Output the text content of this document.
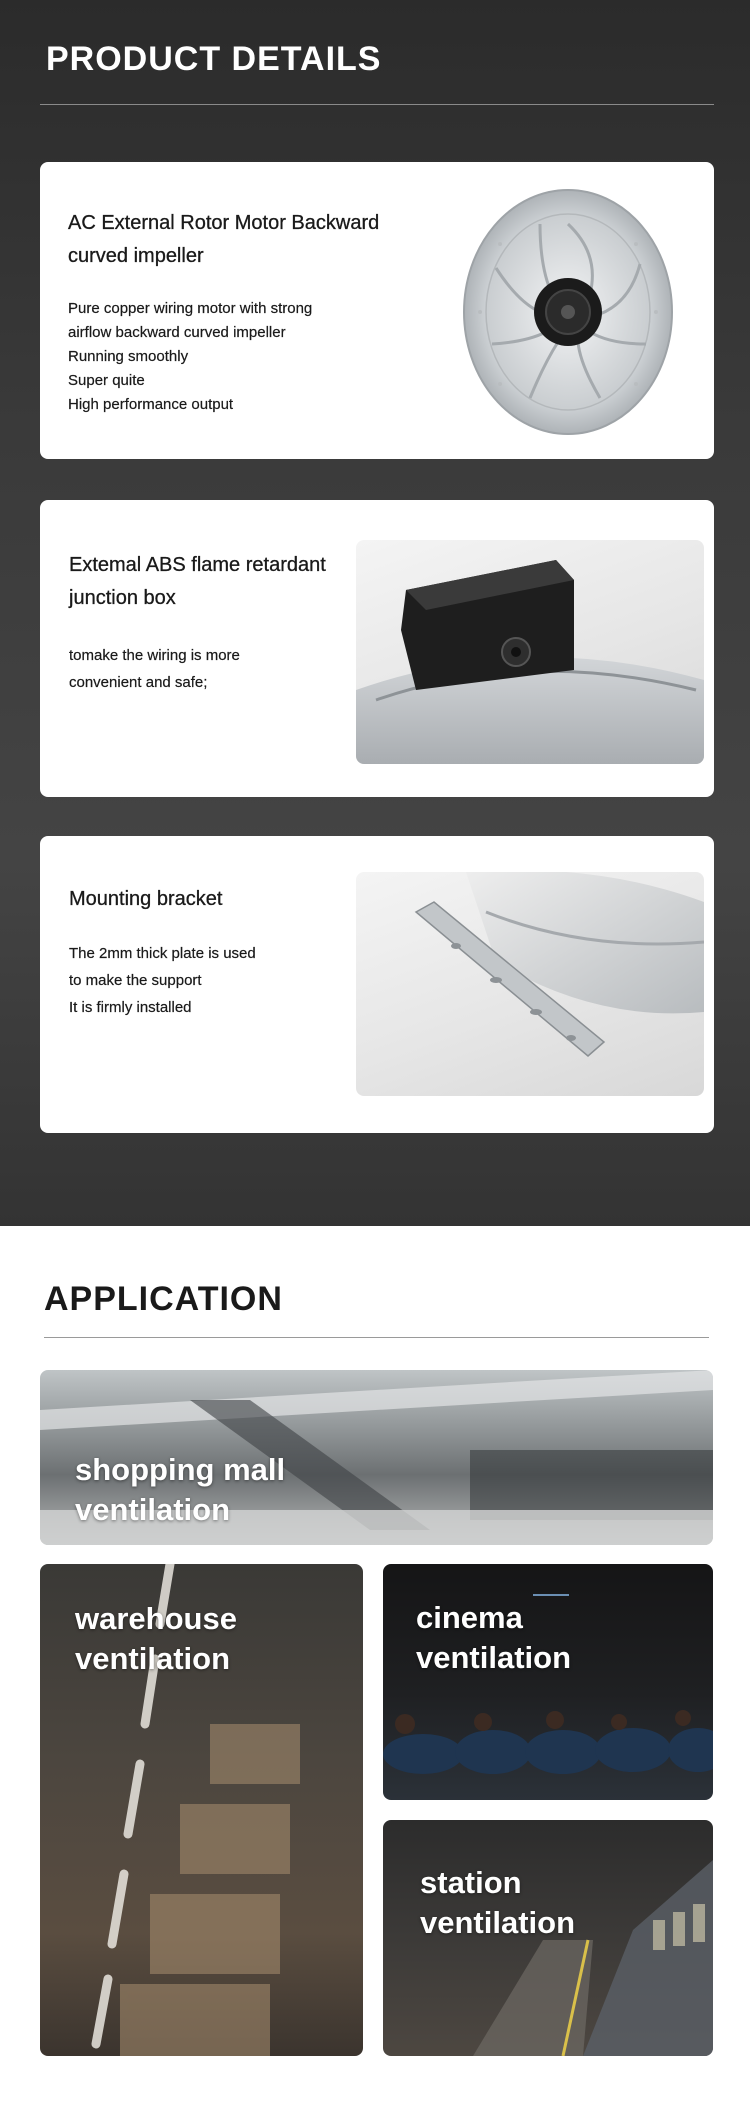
PRODUCT DETAILS
AC External Rotor Motor Backward curved impeller
Pure copper wiring motor with strong
airflow backward curved impeller
Running smoothly
Super quite
High performance output
Extemal ABS flame retardant junction box
tomake the wiring is more
convenient and safe;
Mounting bracket
The 2mm thick plate is used
to make the support
It is firmly installed
APPLICATION
shopping mall
ventilation
warehouse
ventilation
cinema
ventilation
station
ventilation
